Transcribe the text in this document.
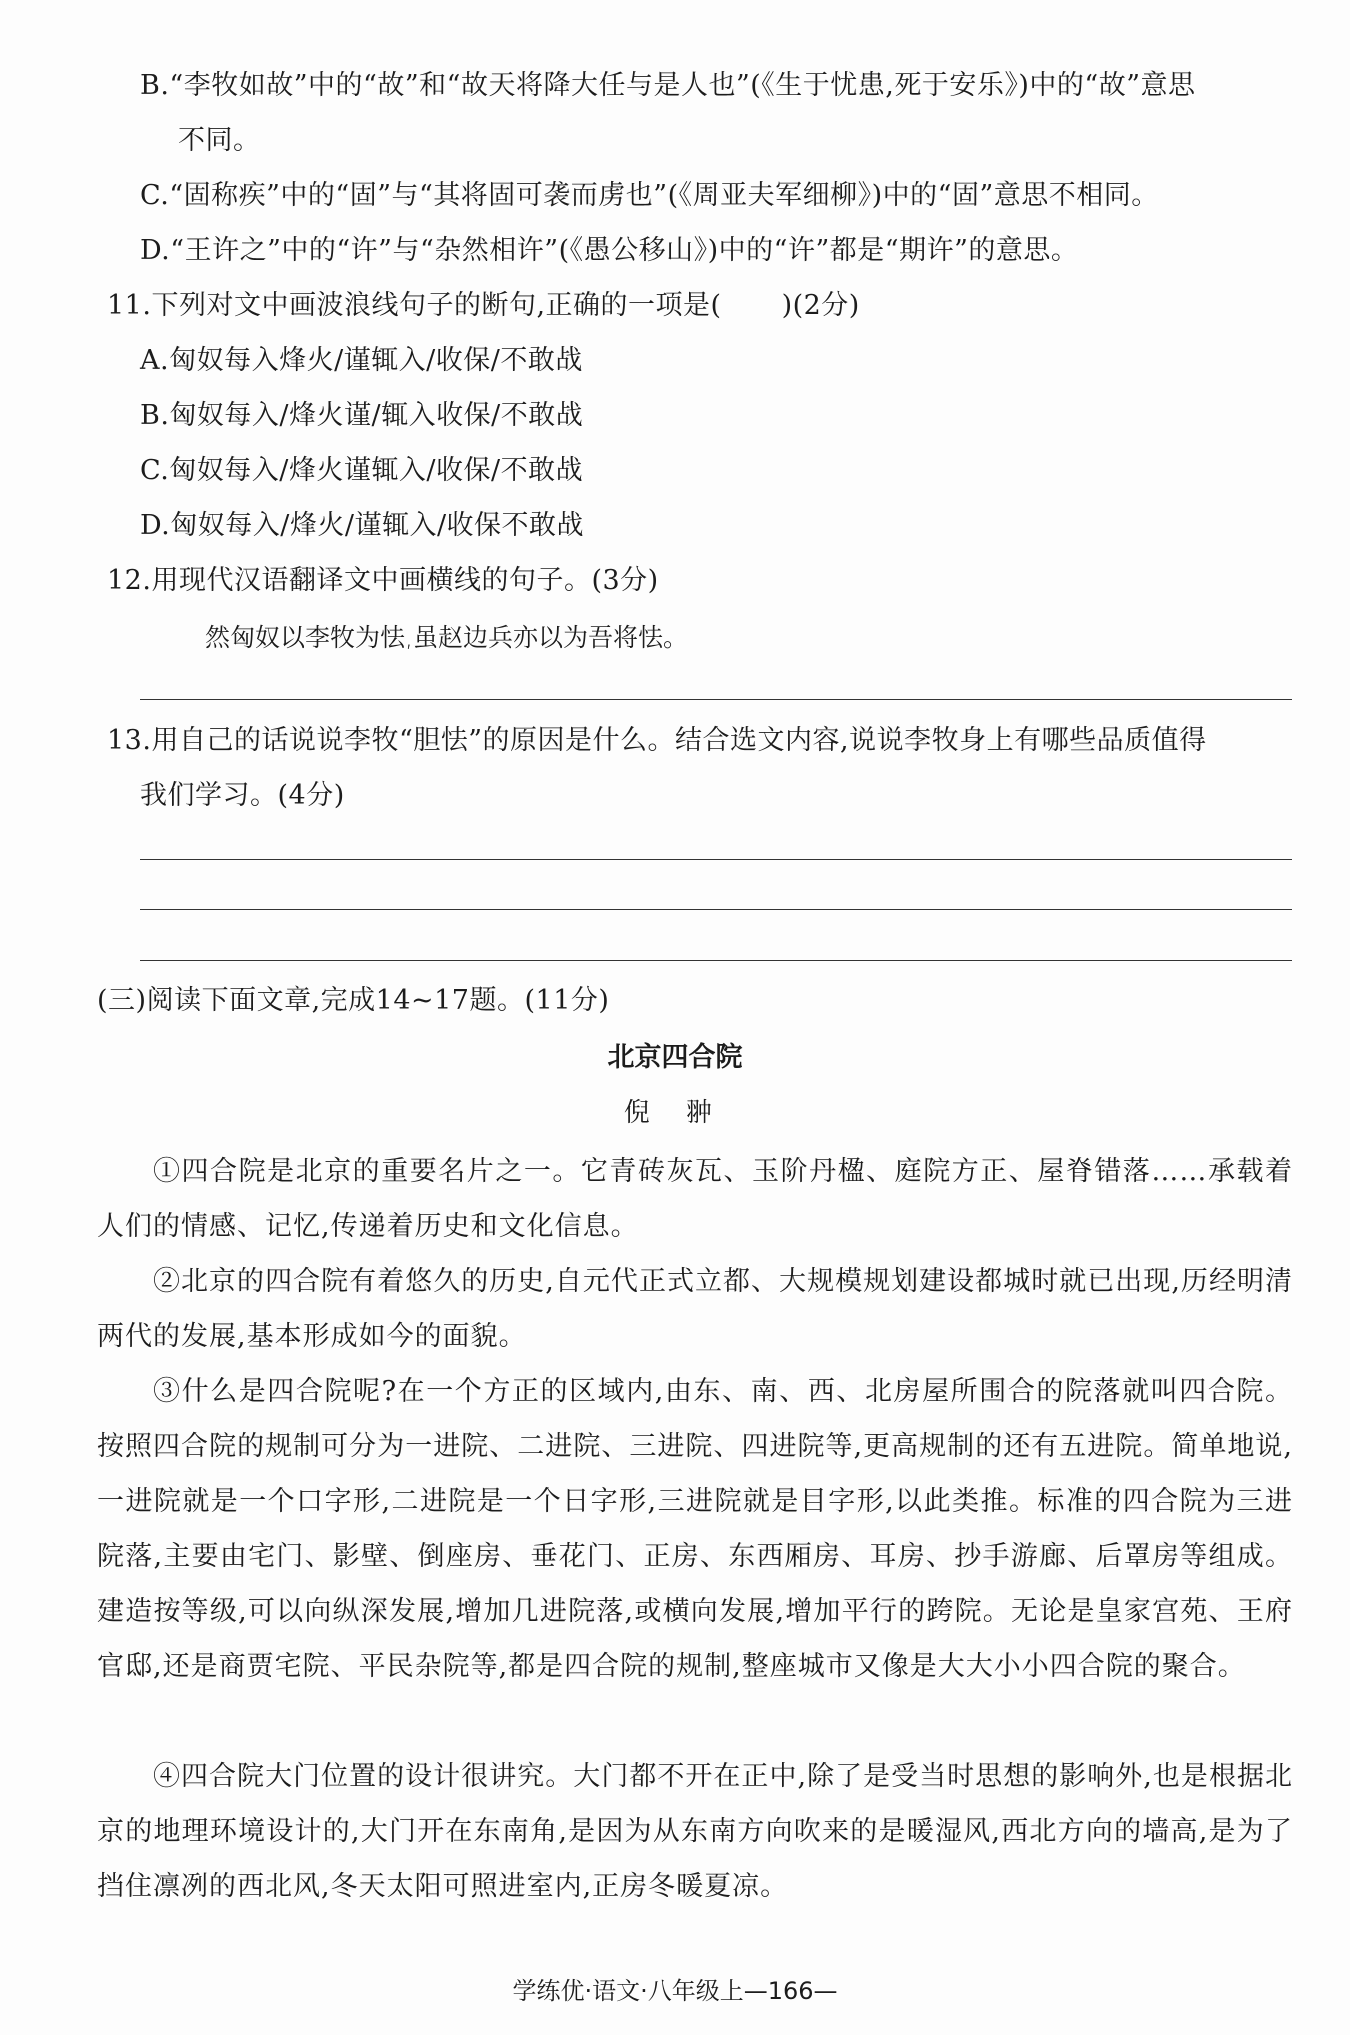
B.“李牧如故”中的“故”和“故天将降大任与是人也”(《生于忧患,死于安乐》)中的“故”意思
不同。
C.“固称疾”中的“固”与“其将固可袭而虏也”(《周亚夫军细柳》)中的“固”意思不相同。
D.“王许之”中的“许”与“杂然相许”(《愚公移山》)中的“许”都是“期许”的意思。
11.下列对文中画波浪线句子的断句,正确的一项是( )(2分)
A.匈奴每入烽火/谨辄入/收保/不敢战
B.匈奴每入/烽火谨/辄入收保/不敢战
C.匈奴每入/烽火谨辄入/收保/不敢战
D.匈奴每入/烽火/谨辄入/收保不敢战
12.用现代汉语翻译文中画横线的句子。(3分)
然匈奴以李牧为怯,虽赵边兵亦以为吾将怯。
13.用自己的话说说李牧“胆怯”的原因是什么。结合选文内容,说说李牧身上有哪些品质值得
我们学习。(4分)
(三)阅读下面文章,完成14~17题。(11分)
北京四合院
倪 翀
①四合院是北京的重要名片之一。它青砖灰瓦、玉阶丹楹、庭院方正、屋脊错落……承载着人们的情感、记忆,传递着历史和文化信息。
②北京的四合院有着悠久的历史,自元代正式立都、大规模规划建设都城时就已出现,历经明清两代的发展,基本形成如今的面貌。
③什么是四合院呢?在一个方正的区域内,由东、南、西、北房屋所围合的院落就叫四合院。按照四合院的规制可分为一进院、二进院、三进院、四进院等,更高规制的还有五进院。简单地说,一进院就是一个口字形,二进院是一个日字形,三进院就是目字形,以此类推。标准的四合院为三进院落,主要由宅门、影壁、倒座房、垂花门、正房、东西厢房、耳房、抄手游廊、后罩房等组成。建造按等级,可以向纵深发展,增加几进院落,或横向发展,增加平行的跨院。无论是皇家宫苑、王府官邸,还是商贾宅院、平民杂院等,都是四合院的规制,整座城市又像是大大小小四合院的聚合。
④四合院大门位置的设计很讲究。大门都不开在正中,除了是受当时思想的影响外,也是根据北京的地理环境设计的,大门开在东南角,是因为从东南方向吹来的是暖湿风,西北方向的墙高,是为了挡住凛冽的西北风,冬天太阳可照进室内,正房冬暖夏凉。
学练优·语文·八年级上—166—
